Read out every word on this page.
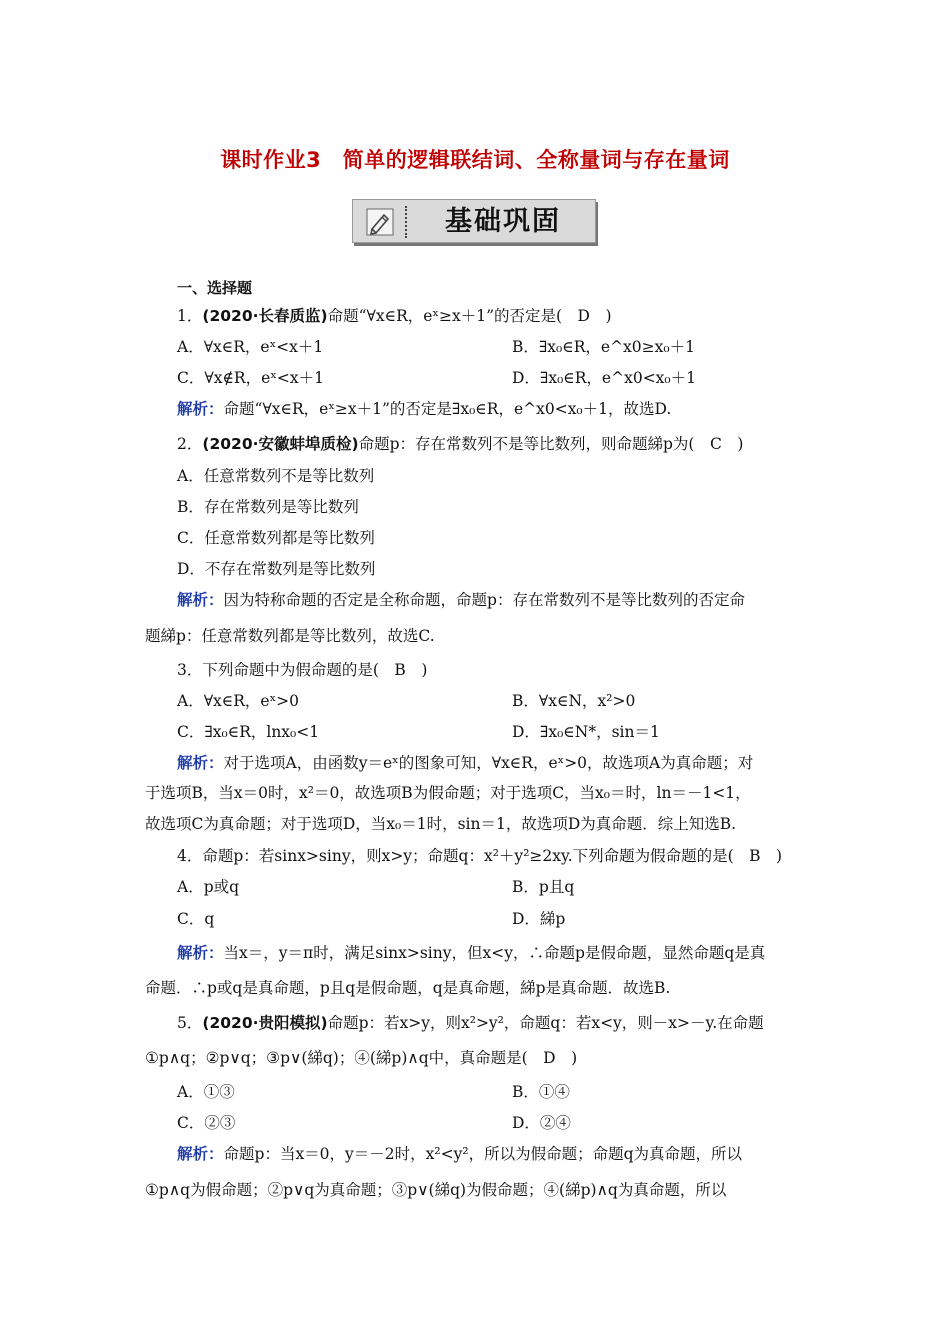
课时作业3　简单的逻辑联结词、全称量词与存在量词
基础巩固
一、选择题
1．(2020·长春质监)命题“∀x∈R，eˣ≥x＋1”的否定是(　D　)
A．∀x∈R，eˣ<x＋1	B．∃x₀∈R，e^x0≥x₀＋1
C．∀x∉R，eˣ<x＋1	D．∃x₀∈R，e^x0<x₀＋1
解析：命题“∀x∈R，eˣ≥x＋1”的否定是∃x₀∈R，e^x0<x₀＋1，故选D.
2．(2020·安徽蚌埠质检)命题p：存在常数列不是等比数列，则命题綈p为(　C　)
A．任意常数列不是等比数列
B．存在常数列是等比数列
C．任意常数列都是等比数列
D．不存在常数列是等比数列
解析：因为特称命题的否定是全称命题，命题p：存在常数列不是等比数列的否定命
题綈p：任意常数列都是等比数列，故选C.
3．下列命题中为假命题的是(　B　)
A．∀x∈R，eˣ>0	B．∀x∈N，x²>0
C．∃x₀∈R，lnx₀<1	D．∃x₀∈N*，sin＝1
解析：对于选项A，由函数y＝eˣ的图象可知，∀x∈R，eˣ>0，故选项A为真命题；对
于选项B，当x＝0时，x²＝0，故选项B为假命题；对于选项C，当x₀＝时，ln＝－1<1，
故选项C为真命题；对于选项D，当x₀＝1时，sin＝1，故选项D为真命题．综上知选B.
4．命题p：若sinx>siny，则x>y；命题q：x²＋y²≥2xy.下列命题为假命题的是(　B　)
A．p或q	B．p且q
C．q	D．綈p
解析：当x＝，y＝π时，满足sinx>siny，但x<y，∴命题p是假命题，显然命题q是真
命题．∴p或q是真命题，p且q是假命题，q是真命题，綈p是真命题．故选B.
5．(2020·贵阳模拟)命题p：若x>y，则x²>y²，命题q：若x<y，则－x>－y.在命题
①p∧q；②p∨q；③p∨(綈q)；④(綈p)∧q中，真命题是(　D　)
A．①③	B．①④
C．②③	D．②④
解析：命题p：当x＝0，y＝－2时，x²<y²，所以为假命题；命题q为真命题，所以
①p∧q为假命题；②p∨q为真命题；③p∨(綈q)为假命题；④(綈p)∧q为真命题，所以
